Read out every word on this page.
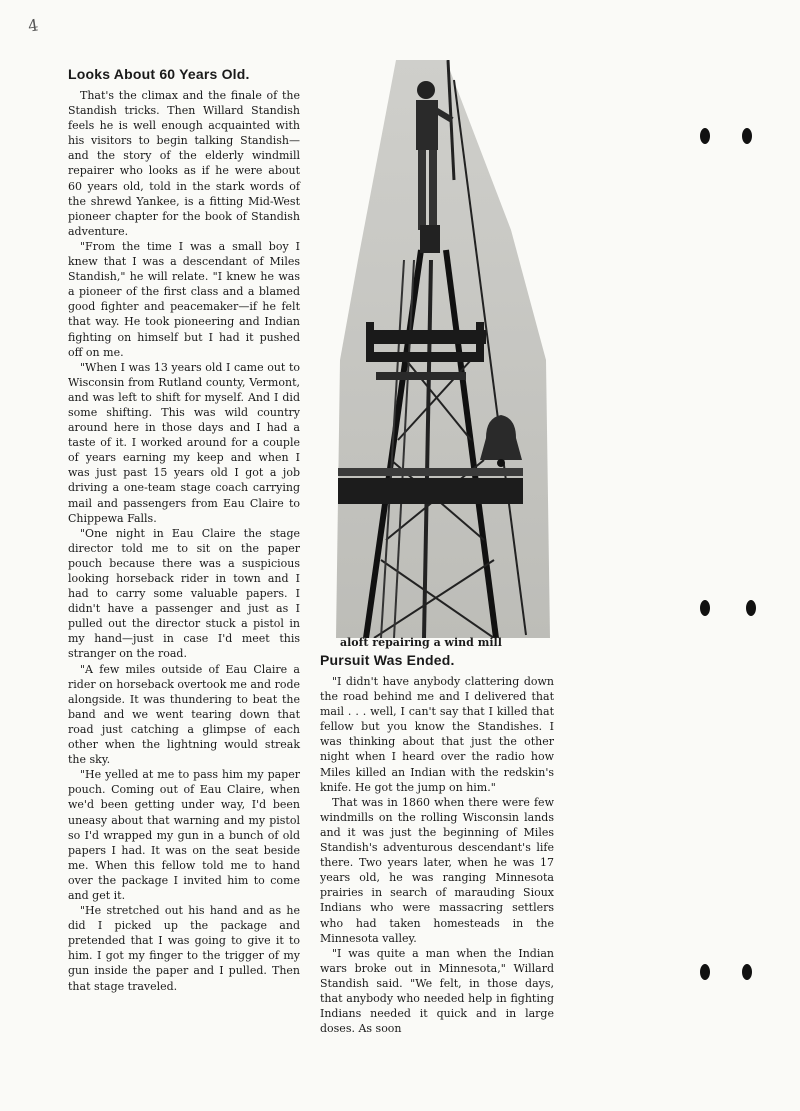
4
Looks About 60 Years Old.

That's the climax and the finale of the Standish tricks. Then Willard Standish feels he is well enough acquainted with his visitors to begin talking Standish—and the story of the elderly windmill repairer who looks as if he were about 60 years old, told in the stark words of the shrewd Yankee, is a fitting Mid-West pioneer chapter for the book of Standish adventure.

"From the time I was a small boy I knew that I was a descendant of Miles Standish," he will relate. "I knew he was a pioneer of the first class and a blamed good fighter and peacemaker—if he felt that way. He took pioneering and Indian fighting on himself but I had it pushed off on me.

"When I was 13 years old I came out to Wisconsin from Rutland county, Vermont, and was left to shift for myself. And I did some shifting. This was wild country around here in those days and I had a taste of it. I worked around for a couple of years earning my keep and when I was just past 15 years old I got a job driving a one-team stage coach carrying mail and passengers from Eau Claire to Chippewa Falls.

"One night in Eau Claire the stage director told me to sit on the paper pouch because there was a suspicious looking horseback rider in town and I had to carry some valuable papers. I didn't have a passenger and just as I pulled out the director stuck a pistol in my hand—just in case I'd meet this stranger on the road.

"A few miles outside of Eau Claire a rider on horseback overtook me and rode alongside. It was thundering to beat the band and we went tearing down that road just catching a glimpse of each other when the lightning would streak the sky.

"He yelled at me to pass him my paper pouch. Coming out of Eau Claire, when we'd been getting under way, I'd been uneasy about that warning and my pistol so I'd wrapped my gun in a bunch of old papers I had. It was on the seat beside me. When this fellow told me to hand over the package I invited him to come and get it.

"He stretched out his hand and as he did I picked up the package and pretended that I was going to give it to him. I got my finger to the trigger of my gun inside the paper and I pulled. Then that stage traveled.

aloft repairing a wind mill
Pursuit Was Ended.

"I didn't have anybody clattering down the road behind me and I delivered that mail . . . well, I can't say that I killed that fellow but you know the Standishes. I was thinking about that just the other night when I heard over the radio how Miles killed an Indian with the redskin's knife. He got the jump on him."

That was in 1860 when there were few windmills on the rolling Wisconsin lands and it was just the beginning of Miles Standish's adventurous descendant's life there. Two years later, when he was 17 years old, he was ranging Minnesota prairies in search of marauding Sioux Indians who were massacring settlers who had taken homesteads in the Minnesota valley.

"I was quite a man when the Indian wars broke out in Minnesota," Willard Standish said. "We felt, in those days, that anybody who needed help in fighting Indians needed it quick and in large doses. As soon
